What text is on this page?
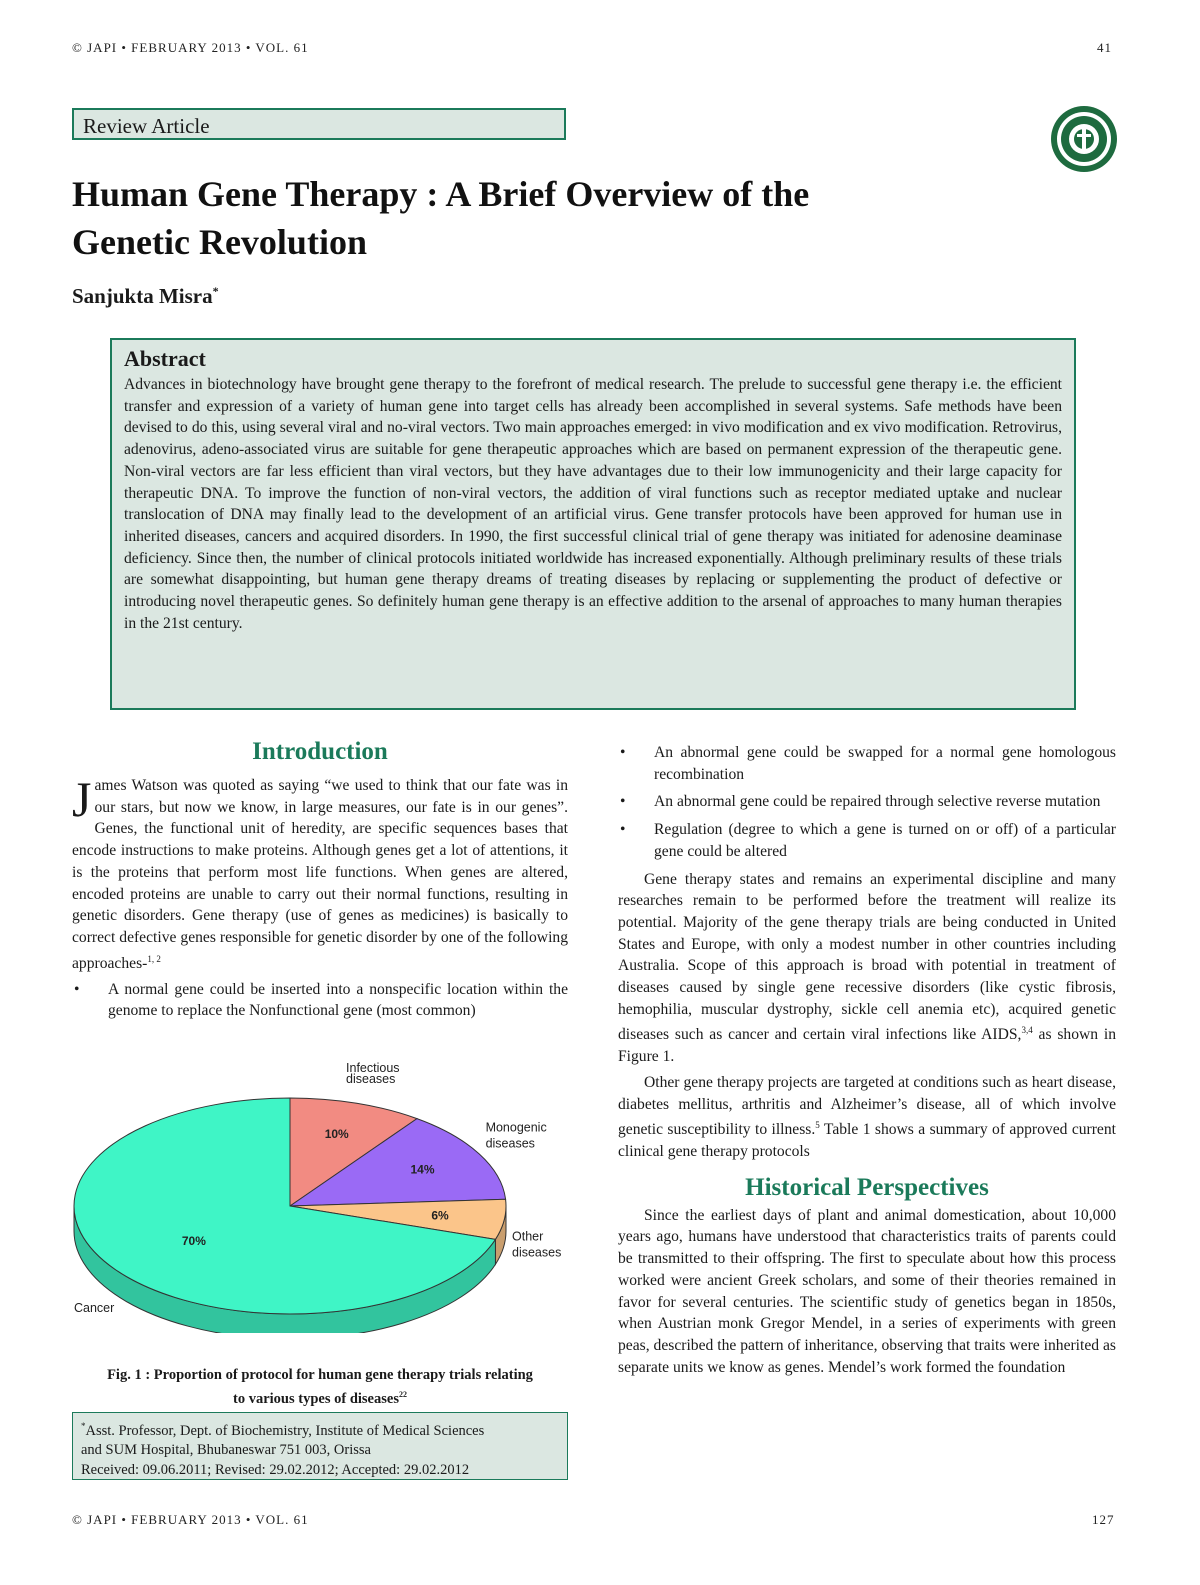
© JAPI • FEBRUARY 2013 • VOL. 61	41
Review Article
Human Gene Therapy : A Brief Overview of the
Genetic Revolution
Sanjukta Misra*
Abstract

Advances in biotechnology have brought gene therapy to the forefront of medical research. The prelude to successful gene therapy i.e. the efficient transfer and expression of a variety of human gene into target cells has already been accomplished in several systems. Safe methods have been devised to do this, using several viral and no-viral vectors. Two main approaches emerged: in vivo modification and ex vivo modification. Retrovirus, adenovirus, adeno-associated virus are suitable for gene therapeutic approaches which are based on permanent expression of the therapeutic gene. Non-viral vectors are far less efficient than viral vectors, but they have advantages due to their low immunogenicity and their large capacity for therapeutic DNA. To improve the function of non-viral vectors, the addition of viral functions such as receptor mediated uptake and nuclear translocation of DNA may finally lead to the development of an artificial virus. Gene transfer protocols have been approved for human use in inherited diseases, cancers and acquired disorders. In 1990, the first successful clinical trial of gene therapy was initiated for adenosine deaminase deficiency. Since then, the number of clinical protocols initiated worldwide has increased exponentially. Although preliminary results of these trials are somewhat disappointing, but human gene therapy dreams of treating diseases by replacing or supplementing the product of defective or introducing novel therapeutic genes. So definitely human gene therapy is an effective addition to the arsenal of approaches to many human therapies in the 21st century.

Introduction

James Watson was quoted as saying “we used to think that our fate was in our stars, but now we know, in large measures, our fate is in our genes”. Genes, the functional unit of heredity, are specific sequences bases that encode instructions to make proteins. Although genes get a lot of attentions, it is the proteins that perform most life functions. When genes are altered, encoded proteins are unable to carry out their normal functions, resulting in genetic disorders. Gene therapy (use of genes as medicines) is basically to correct defective genes responsible for genetic disorder by one of the following approaches-$^{1, 2}$

• A normal gene could be inserted into a nonspecific location within the genome to replace the Nonfunctional gene (most common)
10%
Infectious
diseases
14%
Monogenic
diseases
6%
Other
diseases
70%
Cancer
Fig. 1 : Proportion of protocol for human gene therapy trials relating
to various types of diseases$^{22}$
*Asst. Professor, Dept. of Biochemistry, Institute of Medical Sciences
and SUM Hospital, Bhubaneswar 751 003, Orissa
Received: 09.06.2011; Revised: 29.02.2012; Accepted: 29.02.2012
• An abnormal gene could be swapped for a normal gene homologous recombination
• An abnormal gene could be repaired through selective reverse mutation
• Regulation (degree to which a gene is turned on or off) of a particular gene could be altered

Gene therapy states and remains an experimental discipline and many researches remain to be performed before the treatment will realize its potential. Majority of the gene therapy trials are being conducted in United States and Europe, with only a modest number in other countries including Australia. Scope of this approach is broad with potential in treatment of diseases caused by single gene recessive disorders (like cystic fibrosis, hemophilia, muscular dystrophy, sickle cell anemia etc), acquired genetic diseases such as cancer and certain viral infections like AIDS,$^{3,4}$ as shown in Figure 1.

Other gene therapy projects are targeted at conditions such as heart disease, diabetes mellitus, arthritis and Alzheimer’s disease, all of which involve genetic susceptibility to illness.$^5$ Table 1 shows a summary of approved current clinical gene therapy protocols

Historical Perspectives

Since the earliest days of plant and animal domestication, about 10,000 years ago, humans have understood that characteristics traits of parents could be transmitted to their offspring. The first to speculate about how this process worked were ancient Greek scholars, and some of their theories remained in favor for several centuries. The scientific study of genetics began in 1850s, when Austrian monk Gregor Mendel, in a series of experiments with green peas, described the pattern of inheritance, observing that traits were inherited as separate units we know as genes. Mendel’s work formed the foundation

© JAPI • FEBRUARY 2013 • VOL. 61	127
